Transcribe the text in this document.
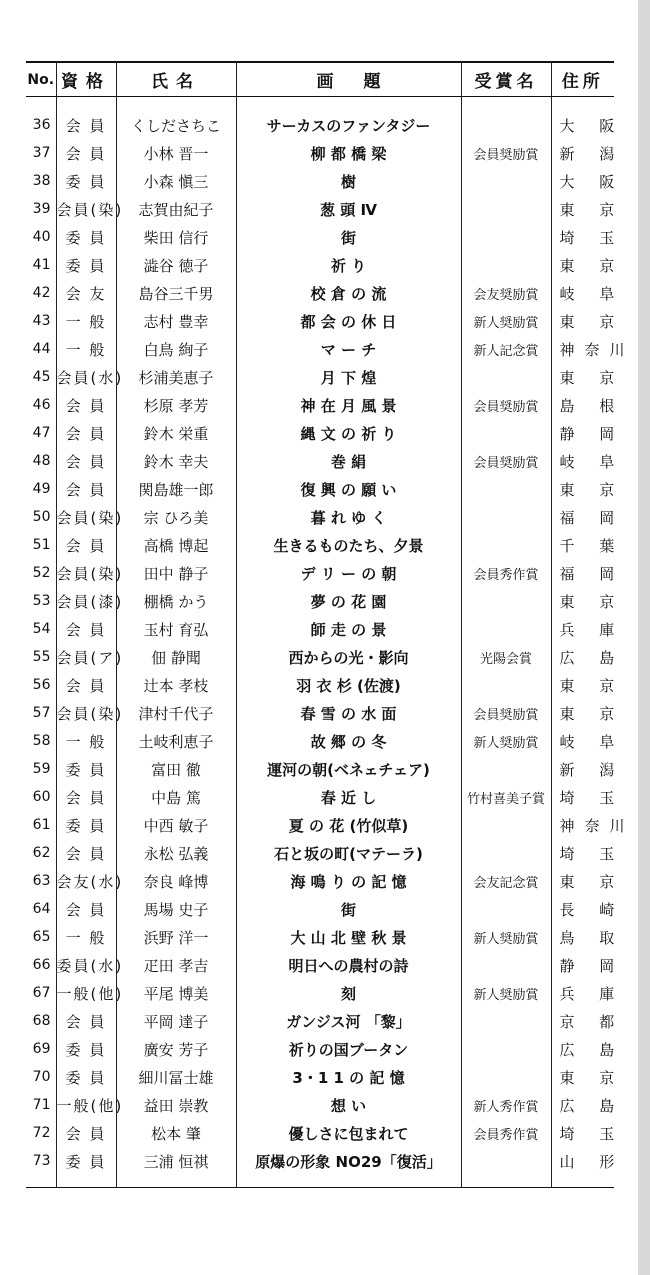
No.	資格	氏名	画題	受賞名	住所
36	会 員	くしださちこ	サーカスのファンタジー		大 阪
37	会 員	小林 晋一	柳 都 橋 梁	会員奨励賞	新 潟
38	委 員	小森 愼三	樹		大 阪
39	会員(染)	志賀由紀子	葱 頭 Ⅳ		東 京
40	委 員	柴田 信行	街		埼 玉
41	委 員	澁谷 徳子	祈 り		東 京
42	会 友	島谷三千男	校 倉 の 流	会友奨励賞	岐 阜
43	一 般	志村 豊幸	都 会 の 休 日	新人奨励賞	東 京
44	一 般	白鳥 絢子	マ ー チ	新人記念賞	神奈川
45	会員(水)	杉浦美恵子	月 下 煌		東 京
46	会 員	杉原 孝芳	神 在 月 風 景	会員奨励賞	島 根
47	会 員	鈴木 栄重	縄 文 の 祈 り		静 岡
48	会 員	鈴木 幸夫	巻 絹	会員奨励賞	岐 阜
49	会 員	関島雄一郎	復 興 の 願 い		東 京
50	会員(染)	宗 ひろ美	暮 れ ゆ く		福 岡
51	会 員	高橋 博起	生きるものたち、夕景		千 葉
52	会員(染)	田中 静子	デ リ ー の 朝	会員秀作賞	福 岡
53	会員(漆)	棚橋 かう	夢 の 花 園		東 京
54	会 員	玉村 育弘	師 走 の 景		兵 庫
55	会員(ア)	佃 静聞	西からの光・影向	光陽会賞	広 島
56	会 員	辻本 孝枝	羽 衣 杉 (佐渡)		東 京
57	会員(染)	津村千代子	春 雪 の 水 面	会員奨励賞	東 京
58	一 般	土岐利恵子	故 郷 の 冬	新人奨励賞	岐 阜
59	委 員	富田 徹	運河の朝(ベネェチェア)		新 潟
60	会 員	中島 篤	春 近 し	竹村喜美子賞	埼 玉
61	委 員	中西 敏子	夏 の 花 (竹似草)		神奈川
62	会 員	永松 弘義	石と坂の町(マテーラ)		埼 玉
63	会友(水)	奈良 峰博	海 鳴 り の 記 憶	会友記念賞	東 京
64	会 員	馬場 史子	街		長 崎
65	一 般	浜野 洋一	大 山 北 壁 秋 景	新人奨励賞	鳥 取
66	委員(水)	疋田 孝吉	明日への農村の詩		静 岡
67	一般(他)	平尾 博美	刻	新人奨励賞	兵 庫
68	会 員	平岡 達子	ガンジス河 「黎」		京 都
69	委 員	廣安 芳子	祈りの国ブータン		広 島
70	委 員	細川冨士雄	3・1 1 の 記 憶		東 京
71	一般(他)	益田 崇教	想 い	新人秀作賞	広 島
72	会 員	松本 肇	優しさに包まれて	会員秀作賞	埼 玉
73	委 員	三浦 恒祺	原爆の形象 NO29「復活」		山 形
